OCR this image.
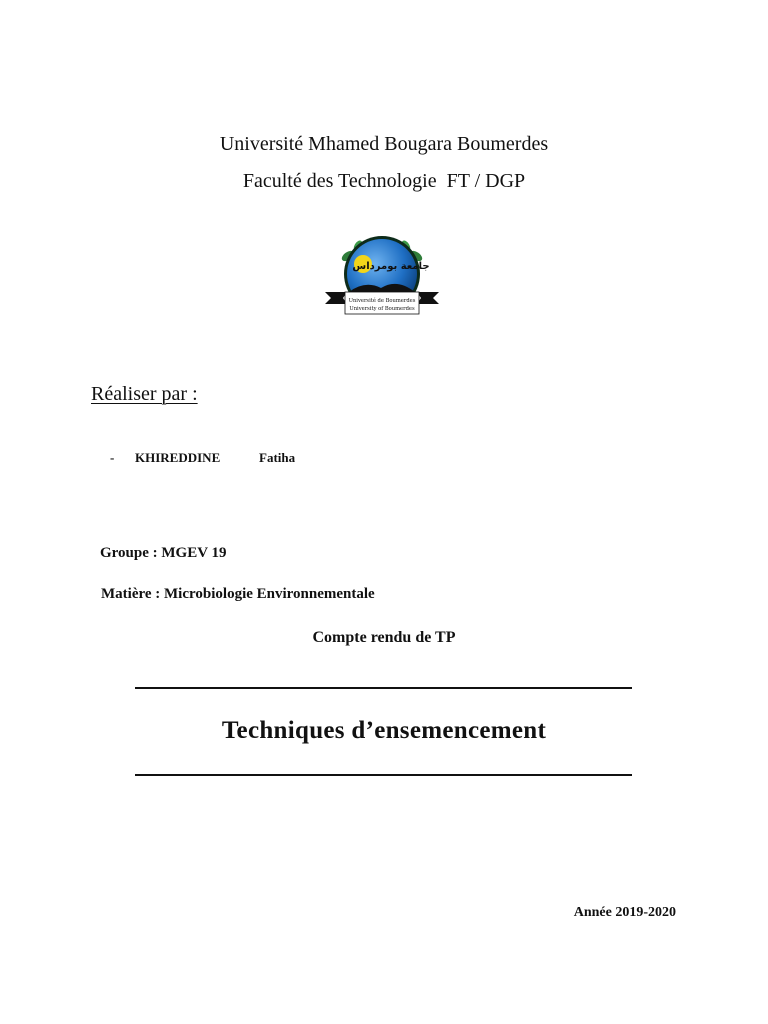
Université Mhamed Bougara Boumerdes
Faculté des Technologie  FT / DGP
جامعة بومرداس
Université de Boumerdes
University of Boumerdes
Réaliser par :

- KHIREDDINE	Fatiha

Groupe : MGEV 19
Matière : Microbiologie Environnementale
Compte rendu de TP
Techniques d’ensemencement
Année 2019-2020
